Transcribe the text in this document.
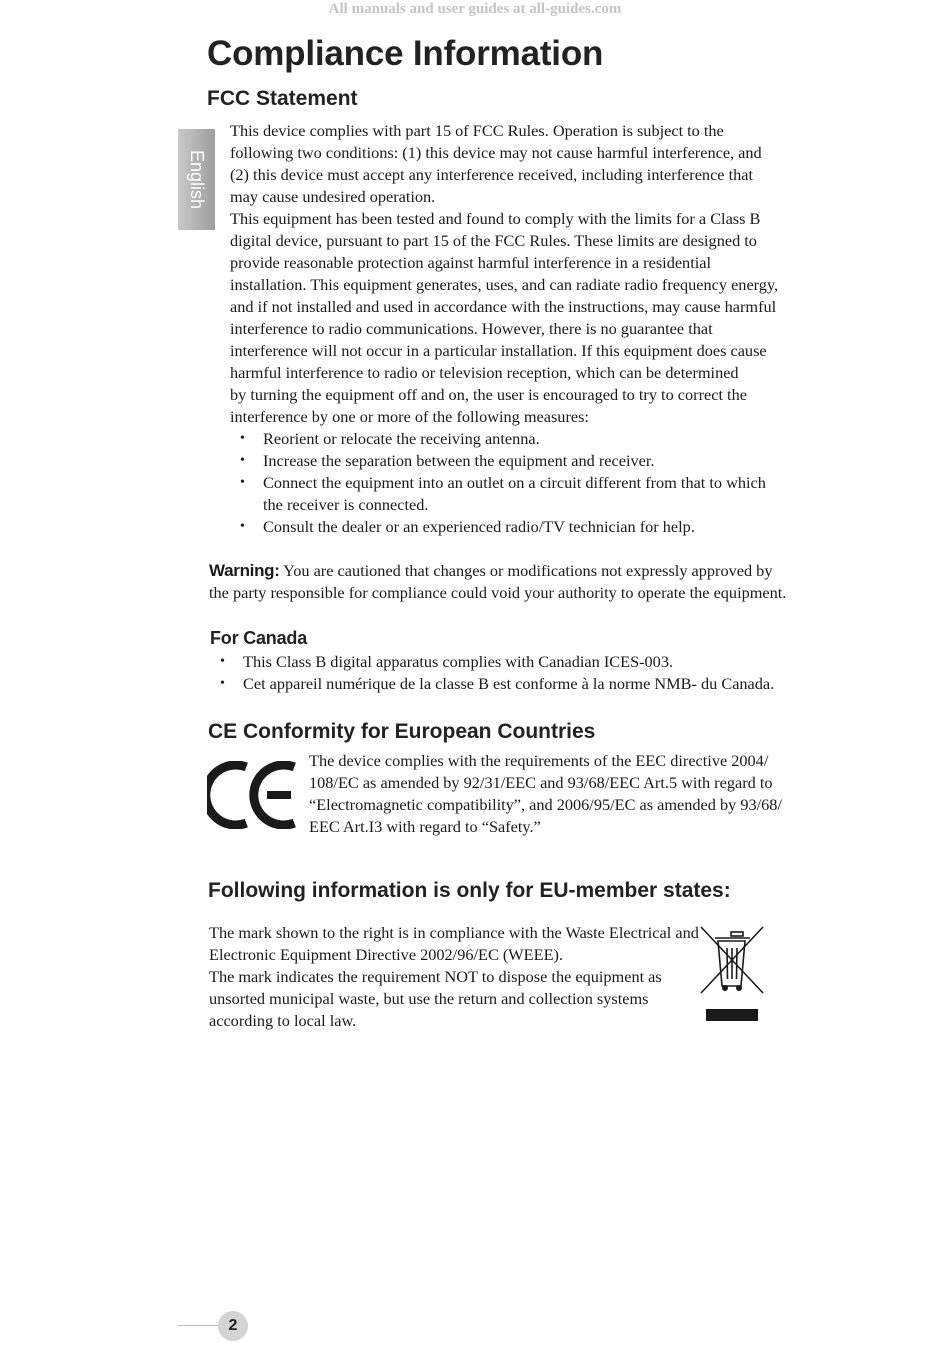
All manuals and user guides at all-guides.com
Compliance Information
English
FCC Statement
This device complies with part 15 of FCC Rules. Operation is subject to the
following two conditions: (1) this device may not cause harmful interference, and
(2) this device must accept any interference received, including interference that
may cause undesired operation.
This equipment has been tested and found to comply with the limits for a Class B
digital device, pursuant to part 15 of the FCC Rules. These limits are designed to
provide reasonable protection against harmful interference in a residential
installation. This equipment generates, uses, and can radiate radio frequency energy,
and if not installed and used in accordance with the instructions, may cause harmful
interference to radio communications. However, there is no guarantee that
interference will not occur in a particular installation. If this equipment does cause
harmful interference to radio or television reception, which can be determined
by turning the equipment off and on, the user is encouraged to try to correct the
interference by one or more of the following measures:
• Reorient or relocate the receiving antenna.
• Increase the separation between the equipment and receiver.
• Connect the equipment into an outlet on a circuit different from that to which
the receiver is connected.
• Consult the dealer or an experienced radio/TV technician for help.
Warning: You are cautioned that changes or modifications not expressly approved by
the party responsible for compliance could void your authority to operate the equipment.
For Canada
• This Class B digital apparatus complies with Canadian ICES-003.
• Cet appareil numérique de la classe B est conforme à la norme NMB- du Canada.
CE Conformity for European Countries
The device complies with the requirements of the EEC directive 2004/
108/EC as amended by 92/31/EEC and 93/68/EEC Art.5 with regard to
“Electromagnetic compatibility”, and 2006/95/EC as amended by 93/68/
EEC Art.I3 with regard to “Safety.”
Following information is only for EU-member states:
The mark shown to the right is in compliance with the Waste Electrical and
Electronic Equipment Directive 2002/96/EC (WEEE).
The mark indicates the requirement NOT to dispose the equipment as
unsorted municipal waste, but use the return and collection systems
according to local law.
2
